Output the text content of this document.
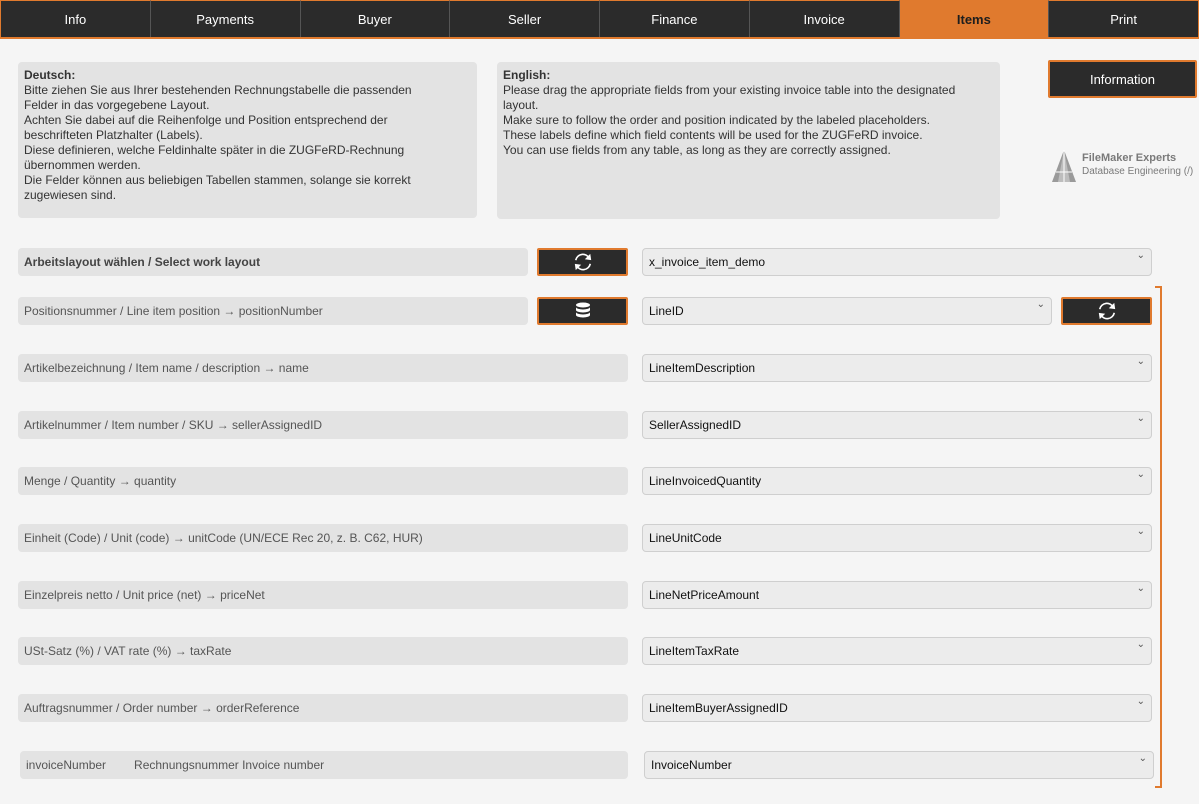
Info	Payments	Buyer	Seller	Finance	Invoice	Items	Print
Deutsch:
Bitte ziehen Sie aus Ihrer bestehenden Rechnungstabelle die passenden
Felder in das vorgegebene Layout.
Achten Sie dabei auf die Reihenfolge und Position entsprechend der
beschrifteten Platzhalter (Labels).
Diese definieren, welche Feldinhalte später in die ZUGFeRD-Rechnung
übernommen werden.
Die Felder können aus beliebigen Tabellen stammen, solange sie korrekt
zugewiesen sind.
English:
Please drag the appropriate fields from your existing invoice table into the designated
layout.
Make sure to follow the order and position indicated by the labeled placeholders.
These labels define which field contents will be used for the ZUGFeRD invoice.
You can use fields from any table, as long as they are correctly assigned.
Information
FileMaker Experts
Database Engineering (/)
Arbeitslayout wählen / Select work layout	x_invoice_item_demo	⌄
Positionsnummer / Line item position → positionNumber	LineID	⌄
Artikelbezeichnung / Item name / description → name	LineItemDescription	⌄
Artikelnummer / Item number / SKU → sellerAssignedID	SellerAssignedID	⌄
Menge / Quantity → quantity	LineInvoicedQuantity	⌄
Einheit (Code) / Unit (code) → unitCode (UN/ECE Rec 20, z. B. C62, HUR)	LineUnitCode	⌄
Einzelpreis netto / Unit price (net) → priceNet	LineNetPriceAmount	⌄
USt-Satz (%) / VAT rate (%) → taxRate	LineItemTaxRate	⌄
Auftragsnummer / Order number → orderReference	LineItemBuyerAssignedID	⌄
invoiceNumber Rechnungsnummer Invoice number	InvoiceNumber	⌄
